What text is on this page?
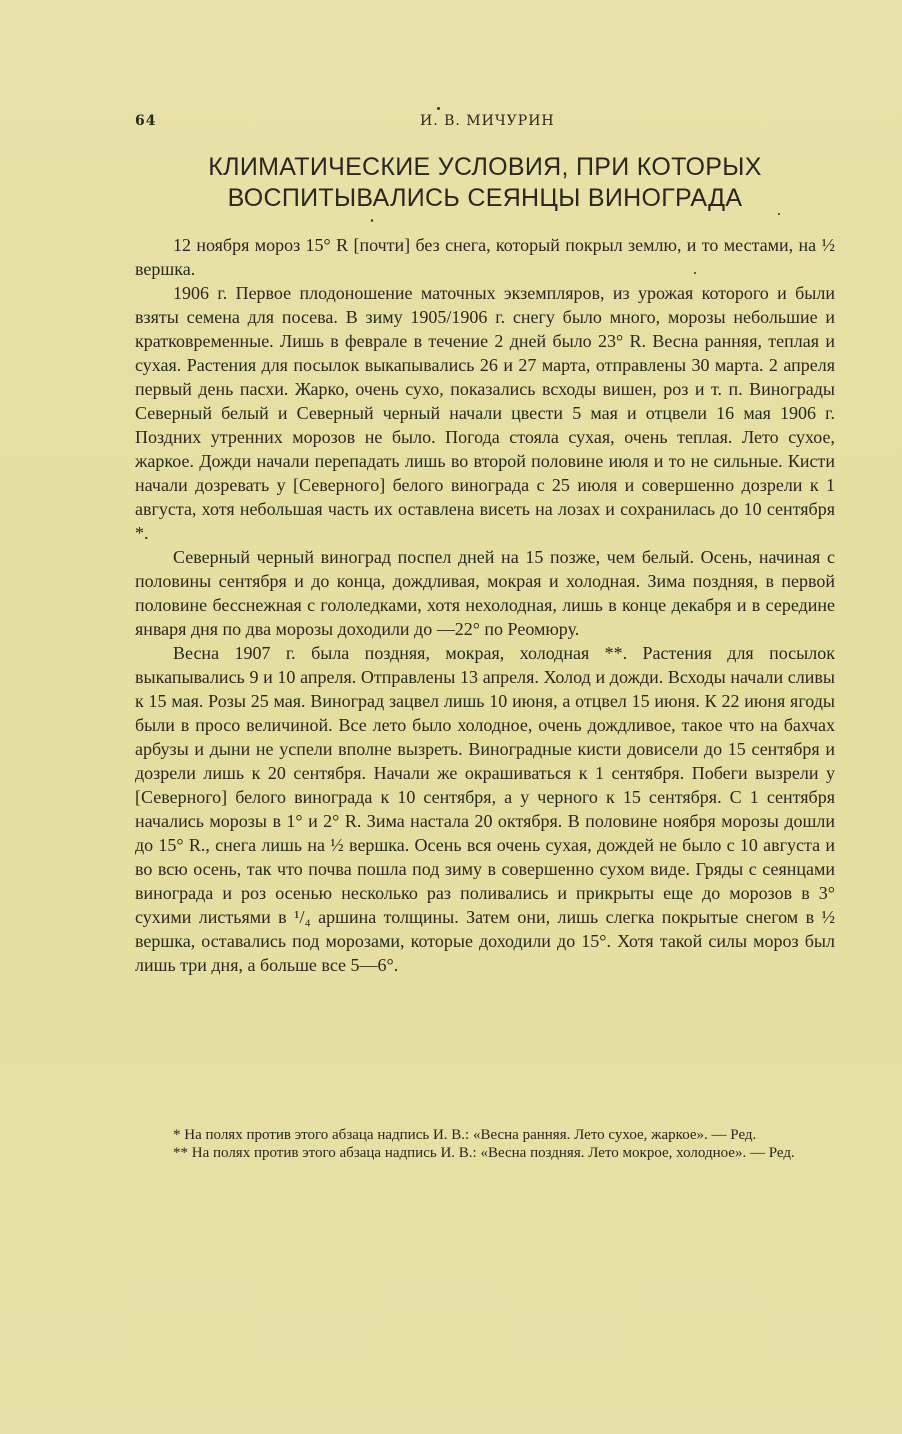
64	И. В. МИЧУРИН
КЛИМАТИЧЕСКИЕ УСЛОВИЯ, ПРИ КОТОРЫХ
ВОСПИТЫВАЛИСЬ СЕЯНЦЫ ВИНОГРАДА

12 ноября мороз 15° R [почти] без снега, который покрыл землю, и то местами, на ½ вершка.

1906 г. Первое плодоношение маточных экземпляров, из урожая которого и были взяты семена для посева. В зиму 1905/1906 г. снегу было много, морозы небольшие и кратковременные. Лишь в феврале в течение 2 дней было 23° R. Весна ранняя, теплая и сухая. Растения для посылок выкапывались 26 и 27 марта, отправлены 30 марта. 2 апреля первый день пасхи. Жарко, очень сухо, показались всходы вишен, роз и т. п. Винограды Северный белый и Северный черный начали цвести 5 мая и отцвели 16 мая 1906 г. Поздних утренних морозов не было. Погода стояла сухая, очень теплая. Лето сухое, жаркое. Дожди начали перепадать лишь во второй половине июля и то не сильные. Кисти начали дозревать у [Северного] белого винограда с 25 июля и совершенно дозрели к 1 августа, хотя небольшая часть их оставлена висеть на лозах и сохранилась до 10 сентября *.

Северный черный виноград поспел дней на 15 позже, чем белый. Осень, начиная с половины сентября и до конца, дождливая, мокрая и холодная. Зима поздняя, в первой половине бесснежная с гололедками, хотя нехолодная, лишь в конце декабря и в середине января дня по два морозы доходили до —22° по Реомюру.

Весна 1907 г. была поздняя, мокрая, холодная **. Растения для посылок выкапывались 9 и 10 апреля. Отправлены 13 апреля. Холод и дожди. Всходы начали сливы к 15 мая. Розы 25 мая. Виноград зацвел лишь 10 июня, а отцвел 15 июня. К 22 июня ягоды были в просо величиной. Все лето было холодное, очень дождливое, такое что на бахчах арбузы и дыни не успели вполне вызреть. Виноградные кисти довисели до 15 сентября и дозрели лишь к 20 сентября. Начали же окрашиваться к 1 сентября. Побеги вызрели у [Северного] белого винограда к 10 сентября, а у черного к 15 сентября. С 1 сентября начались морозы в 1° и 2° R. Зима настала 20 октября. В половине ноября морозы дошли до 15° R., снега лишь на ½ вершка. Осень вся очень сухая, дождей не было с 10 августа и во всю осень, так что почва пошла под зиму в совершенно сухом виде. Гряды с сеянцами винограда и роз осенью несколько раз поливались и прикрыты еще до морозов в 3° сухими листьями в ¹/₄ аршина толщины. Затем они, лишь слегка покрытые снегом в ½ вершка, оставались под морозами, которые доходили до 15°. Хотя такой силы мороз был лишь три дня, а больше все 5—6°.

* На полях против этого абзаца надпись И. В.: «Весна ранняя. Лето сухое, жаркое». — Ред.

** На полях против этого абзаца надпись И. В.: «Весна поздняя. Лето мокрое, холодное». — Ред.
